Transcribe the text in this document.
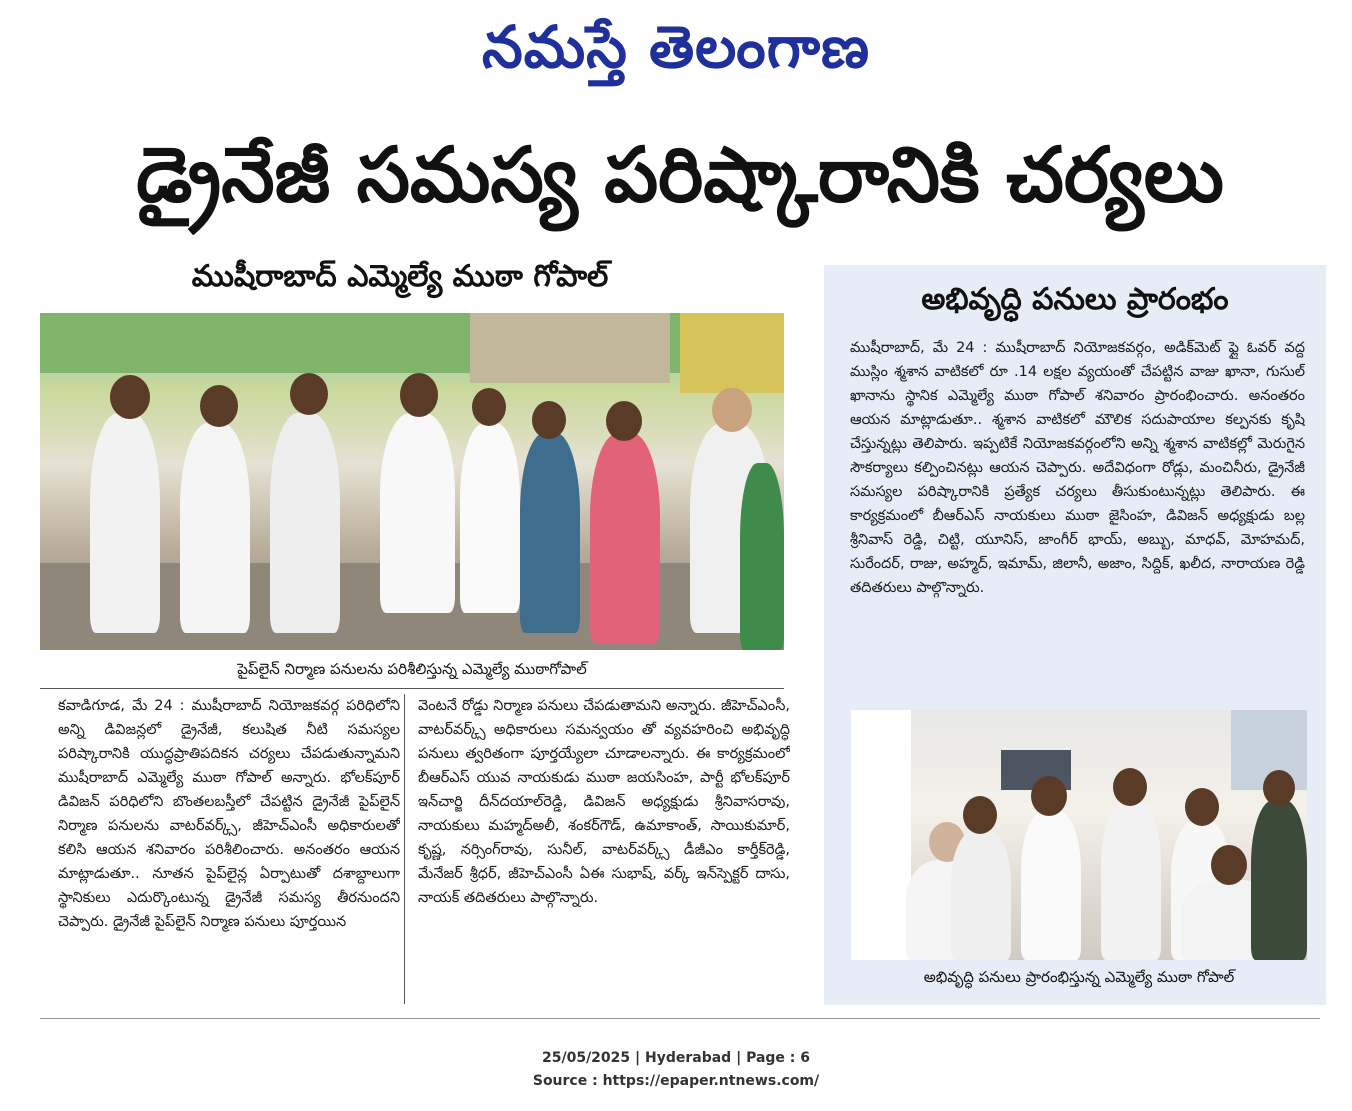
నమస్తే తెలంగాణ
డ్రైనేజీ సమస్య పరిష్కారానికి చర్యలు
ముషీరాబాద్ ఎమ్మెల్యే ముఠా గోపాల్
పైప్‌లైన్ నిర్మాణ పనులను పరిశీలిస్తున్న ఎమ్మెల్యే ముఠాగోపాల్
కవాడిగూడ, మే 24 : ముషీరాబాద్ నియోజకవర్గ పరిధిలోని అన్ని డివిజన్లలో డ్రైనేజీ, కలుషిత నీటి సమస్యల పరిష్కారానికి యుద్ధప్రాతిపదికన చర్యలు చేపడుతున్నామని ముషీరాబాద్ ఎమ్మెల్యే ముఠా గోపాల్ అన్నారు. భోలక్‌పూర్ డివిజన్ పరిధిలోని బొంతలబస్తీలో చేపట్టిన డ్రైనేజీ పైప్‌లైన్ నిర్మాణ పనులను వాటర్‌వర్క్స్, జీహెచ్‌ఎంసీ అధికారులతో కలిసి ఆయన శనివారం పరిశీలించారు. అనంతరం ఆయన మాట్లాడుతూ.. నూతన పైప్‌లైన్ల ఏర్పాటుతో దశాబ్దాలుగా స్థానికులు ఎదుర్కొంటున్న డ్రైనేజీ సమస్య తీరనుందని చెప్పారు. డ్రైనేజీ పైప్‌లైన్ నిర్మాణ పనులు పూర్తయిన
వెంటనే రోడ్డు నిర్మాణ పనులు చేపడుతామని అన్నారు. జీహెచ్‌ఎంసీ, వాటర్‌వర్క్స్ అధికారులు సమన్వయం తో వ్యవహరించి అభివృద్ధి పనులు త్వరితంగా పూర్తయ్యేలా చూడాలన్నారు. ఈ కార్యక్రమంలో బీఆర్‌ఎస్ యువ నాయకుడు ముఠా జయసింహ, పార్టీ భోలక్‌పూర్ ఇన్‌చార్జి దీన్‌దయాల్‌రెడ్డి, డివిజన్ అధ్యక్షుడు శ్రీనివాసరావు, నాయకులు మహ్మద్‌అలీ, శంకర్‌గౌడ్, ఉమాకాంత్, సాయికుమార్, కృష్ణ, నర్సింగ్‌రావు, సునీల్, వాటర్‌వర్క్స్ డీజీఎం కార్తీక్‌రెడ్డి, మేనేజర్ శ్రీధర్, జీహెచ్‌ఎంసీ ఏఈ సుభాష్, వర్క్ ఇన్‌స్పెక్టర్ దాసు, నాయక్ తదితరులు పాల్గొన్నారు.
అభివృద్ధి పనులు ప్రారంభం
ముషీరాబాద్, మే 24 : ముషీరాబాద్ నియోజకవర్గం, అడిక్‌మెట్ ఫ్లై ఓవర్ వద్ద ముస్లిం శ్మశాన వాటికలో రూ .14 లక్షల వ్యయంతో చేపట్టిన వాజు ఖానా, గుసుల్ ఖానాను స్థానిక ఎమ్మెల్యే ముఠా గోపాల్ శనివారం ప్రారంభించారు. అనంతరం ఆయన మాట్లాడుతూ.. శ్మశాన వాటికలో మౌలిక సదుపాయాల కల్పనకు కృషి చేస్తున్నట్లు తెలిపారు. ఇప్పటికే నియోజకవర్గంలోని అన్ని శ్మశాన వాటికల్లో మెరుగైన సౌకర్యాలు కల్పించినట్లు ఆయన చెప్పారు. అదేవిధంగా రోడ్లు, మంచినీరు, డ్రైనేజీ సమస్యల పరిష్కారానికి ప్రత్యేక చర్యలు తీసుకుంటున్నట్లు తెలిపారు. ఈ కార్యక్రమంలో బీఆర్‌ఎస్ నాయకులు ముఠా జైసింహ, డివిజన్ అధ్యక్షుడు బల్ల శ్రీనివాస్ రెడ్డి, చిట్టి, యూనిస్, జాంగీర్ భాయ్, అబ్బు, మాధవ్, మోహమద్, సురేందర్, రాజు, అహ్మద్, ఇమామ్, జిలానీ, అజాం, సిద్దిక్, ఖలీద, నారాయణ రెడ్డి తదితరులు పాల్గొన్నారు.
అభివృద్ధి పనులు ప్రారంభిస్తున్న ఎమ్మెల్యే ముఠా గోపాల్
25/05/2025 | Hyderabad | Page : 6
Source : https://epaper.ntnews.com/
